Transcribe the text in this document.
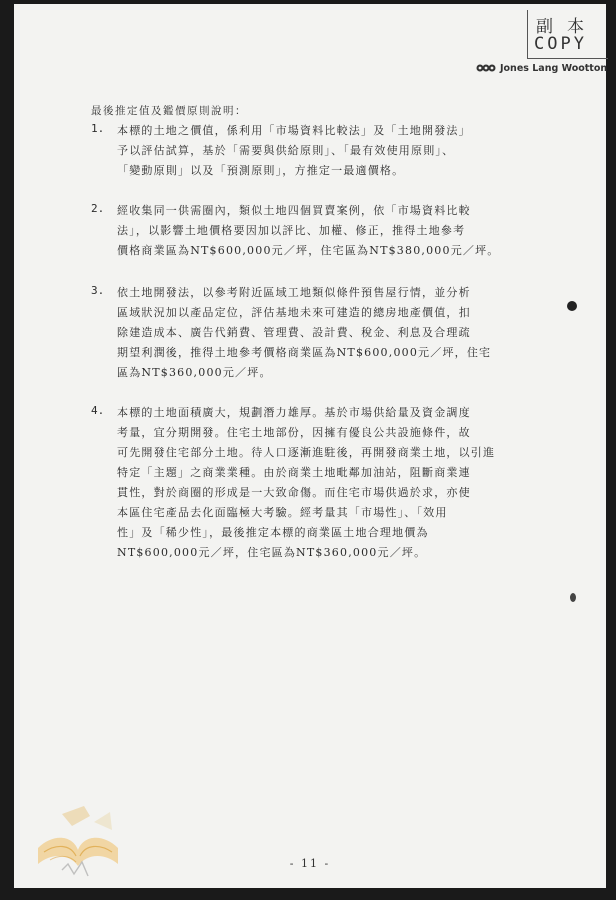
副本
COPY
Jones Lang Wootton
最後推定值及鑑價原則說明：
1. 本標的土地之價值，係利用「市場資料比較法」及「土地開發法」
予以評估試算，基於「需要與供給原則」、「最有效使用原則」、
「變動原則」以及「預測原則」，方推定一最適價格。
2. 經收集同一供需圈內，類似土地四個買賣案例，依「市場資料比較
法」，以影響土地價格要因加以評比、加權、修正，推得土地參考
價格商業區為NT$600,000元／坪，住宅區為NT$380,000元／坪。
3. 依土地開發法，以參考附近區域工地類似條件預售屋行情，並分析
區域狀況加以產品定位，評估基地未來可建造的總房地產價值，扣
除建造成本、廣告代銷費、管理費、設計費、稅金、利息及合理疏
期望利潤後，推得土地參考價格商業區為NT$600,000元／坪，住宅
區為NT$360,000元／坪。
4. 本標的土地面積廣大，規劃潛力雄厚。基於市場供給量及資金調度
考量，宜分期開發。住宅土地部份，因擁有優良公共設施條件，故
可先開發住宅部分土地。待人口逐漸進駐後，再開發商業土地，以引進
特定「主題」之商業業種。由於商業土地毗鄰加油站，阻斷商業連
貫性，對於商圈的形成是一大致命傷。而住宅市場供過於求，亦使
本區住宅產品去化面臨極大考驗。經考量其「市場性」、「效用
性」及「稀少性」，最後推定本標的商業區土地合理地價為
NT$600,000元／坪，住宅區為NT$360,000元／坪。
- 11 -
